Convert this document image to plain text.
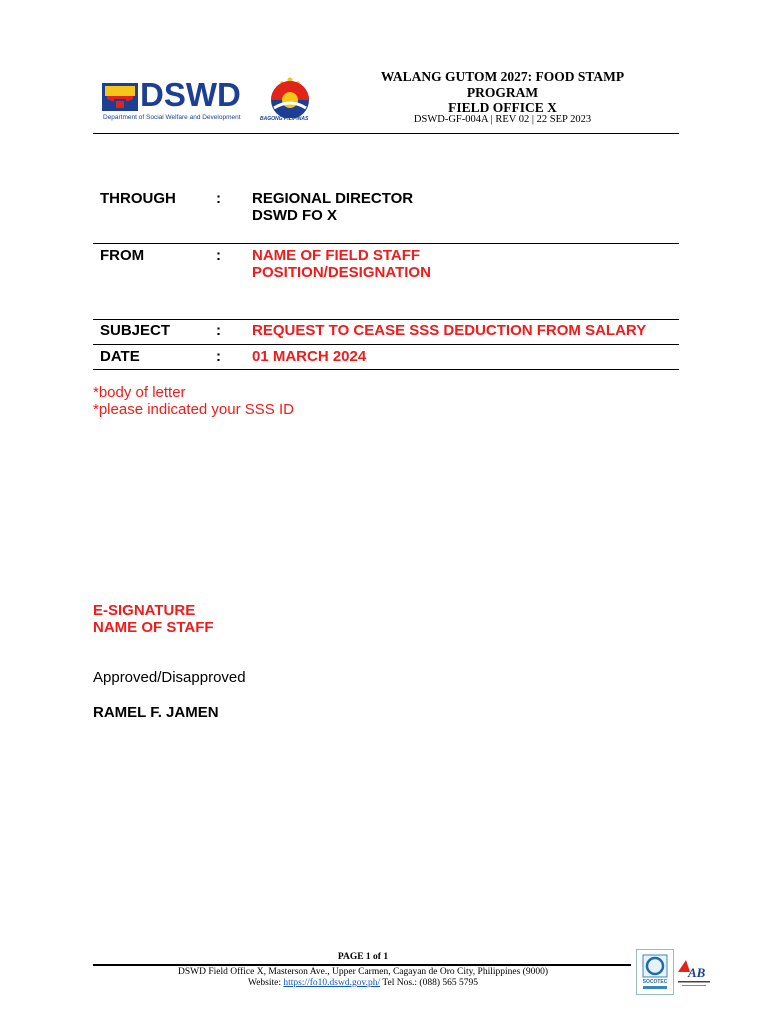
DSWD
Department of Social Welfare and Development	BAGONG PILIPINAS
WALANG GUTOM 2027: FOOD STAMP
PROGRAM
FIELD OFFICE X
DSWD-GF-004A | REV 02 | 22 SEP 2023
THROUGH	: REGIONAL DIRECTOR
DSWD FO X
FROM	: NAME OF FIELD STAFF
POSITION/DESIGNATION
SUBJECT	: REQUEST TO CEASE SSS DEDUCTION FROM SALARY
DATE	: 01 MARCH 2024
*body of letter
*please indicated your SSS ID
E-SIGNATURE
NAME OF STAFF
Approved/Disapproved
RAMEL F. JAMEN
PAGE 1 of 1
DSWD Field Office X, Masterson Ave., Upper Carmen, Cagayan de Oro City, Philippines (9000)
Website: https://fo10.dswd.gov.ph/ Tel Nos.: (088) 565 5795	SOCOTEC
AB
